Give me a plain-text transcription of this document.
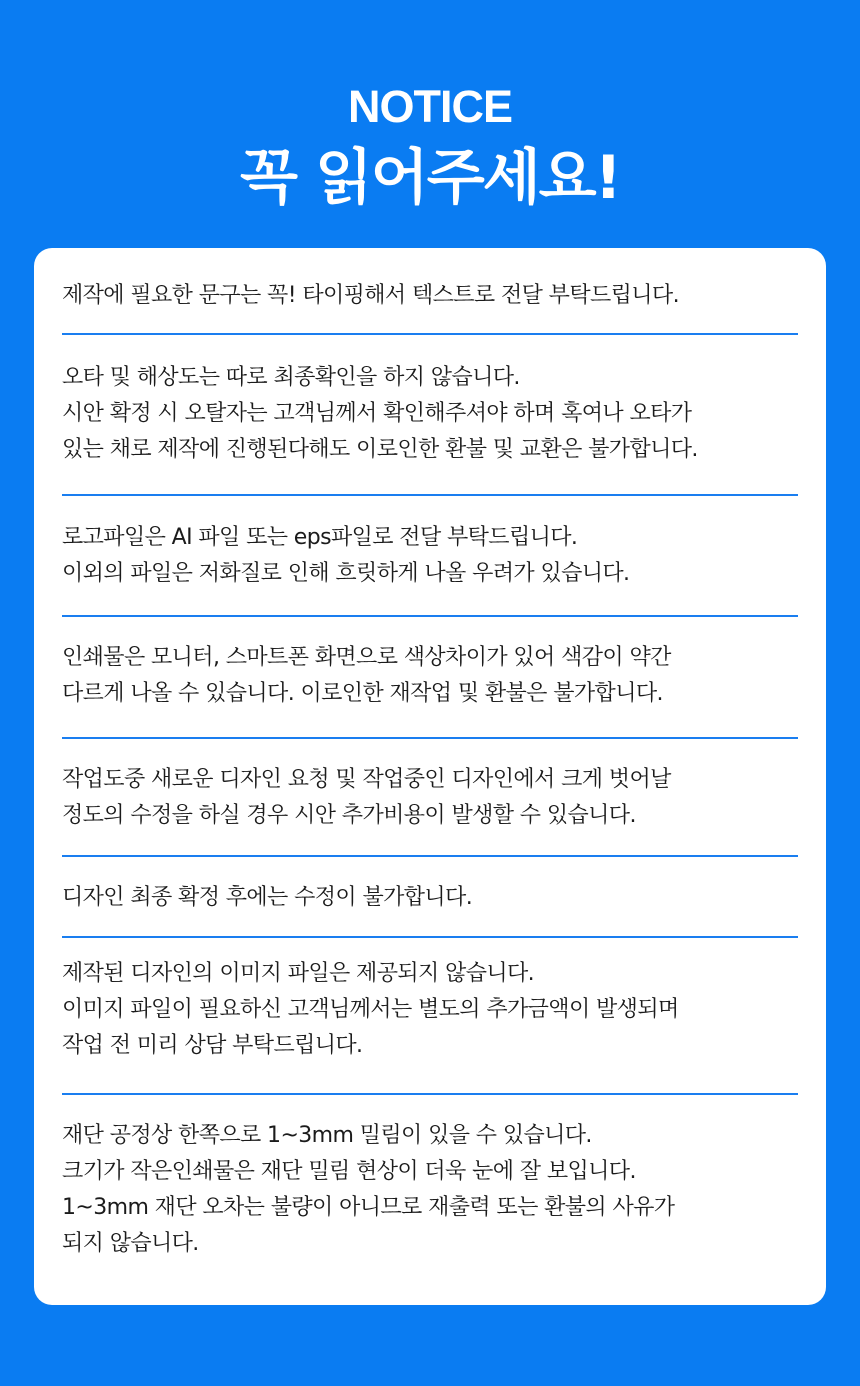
NOTICE
꼭 읽어주세요!
제작에 필요한 문구는 꼭! 타이핑해서 텍스트로 전달 부탁드립니다.
오타 및 해상도는 따로 최종확인을 하지 않습니다.
시안 확정 시 오탈자는 고객님께서 확인해주셔야 하며 혹여나 오타가
있는 채로 제작에 진행된다해도 이로인한 환불 및 교환은 불가합니다.
로고파일은 AI 파일 또는 eps파일로 전달 부탁드립니다.
이외의 파일은 저화질로 인해 흐릿하게 나올 우려가 있습니다.
인쇄물은 모니터, 스마트폰 화면으로 색상차이가 있어 색감이 약간
다르게 나올 수 있습니다. 이로인한 재작업 및 환불은 불가합니다.
작업도중 새로운 디자인 요청 및 작업중인 디자인에서 크게 벗어날
정도의 수정을 하실 경우 시안 추가비용이 발생할 수 있습니다.
디자인 최종 확정 후에는 수정이 불가합니다.
제작된 디자인의 이미지 파일은 제공되지 않습니다.
이미지 파일이 필요하신 고객님께서는 별도의 추가금액이 발생되며
작업 전 미리 상담 부탁드립니다.
재단 공정상 한쪽으로 1~3mm 밀림이 있을 수 있습니다.
크기가 작은인쇄물은 재단 밀림 현상이 더욱 눈에 잘 보입니다.
1~3mm 재단 오차는 불량이 아니므로 재출력 또는 환불의 사유가
되지 않습니다.
